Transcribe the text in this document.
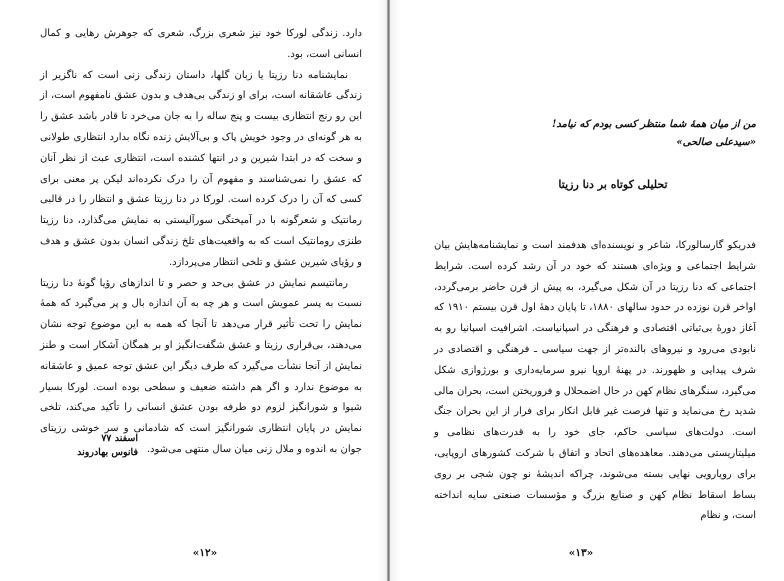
دارد. زندگی لورکا خود نیز شعری بزرگ، شعری که جوهرش رهایی و کمال انسانی است، بود.

نمایشنامه دنا رزیتا یا زبان گلها، داستان زندگی زنی است که ناگزیر از زندگی عاشقانه است، برای او زندگی بی‌هدف و بدون عشق نامفهوم است، از این رو رنج انتظاری بیست و پنج ساله را به جان می‌خرد تا قادر باشد عشق را به هر گونه‌ای در وجود خویش پاک و بی‌آلایش زنده نگاه بدارد انتظاری طولانی و سخت که در ابتدا شیرین و در انتها کشنده است، انتظاری عبث از نظر آنان که عشق را نمی‌شناسند و مفهوم آن را درک نکرده‌اند لیکن پر معنی برای کسی که آن را درک کرده است. لورکا در دنا رزیتا عشق و انتظار را در قالبی رمانتیک و شعرگونه با در آمیختگی سورآلیستی به نمایش می‌گذارد، دنا رزیتا طنزی رومانتیک است که به واقعیت‌های تلخ زندگی انسان بدون عشق و هدف و رؤیای شیرین عشق و تلخی انتظار می‌پردازد.

رمانتیسم نمایش در عشق بی‌حد و حصر و تا اندازهای رؤیا گونهٔ دنا رزیتا نسبت به پسر عمویش است و هر چه به آن اندازه بال و پر می‌گیرد که همهٔ نمایش را تحت تأثیر قرار می‌دهد تا آنجا که همه به این موضوع توجه نشان می‌دهند، بی‌قراری رزیتا و عشق شگفت‌انگیز او بر همگان آشکار است و طنز نمایش از آنجا نشأت می‌گیرد که طرف دیگر این عشق توجه عمیق و عاشقانه به موضوع ندارد و اگر هم داشته ضعیف و سطحی بوده است. لورکا بسیار شیوا و شورانگیز لزوم دو طرفه بودن عشق انسانی را تأکید می‌کند، تلخی نمایش در پایان انتظاری شورانگیز است که شادمانی و سر خوشی رزیتای جوان به اندوه و ملال زنی میان سال منتهی می‌شود.

اسفند ۷۷
فانوس بهادروند
«۱۲»
من از میان همهٔ شما منتظر کسی بودم که نیامد!
«سیدعلی صالحی»
تحلیلی کوتاه بر دنا رزیتا

فدریکو گارسالورکا، شاعر و نویسنده‌ای هدفمند است و نمایشنامه‌هایش بیان شرایط اجتماعی و ویژه‌ای هستند که خود در آن رشد کرده است. شرایط اجتماعی که دنا رزیتا در آن شکل می‌گیرد، به پیش از قرن حاضر برمی‌گردد، اواخر قرن نوزده در حدود سالهای ۱۸۸۰، تا پایان دههٔ اول قرن بیستم ۱۹۱۰ که آغاز دورهٔ بی‌ثباتی اقتصادی و فرهنگی در اسپانیاست. اشرافیت اسپانیا رو به نابودی می‌رود و نیروهای بالنده‌تر از جهت سیاسی ـ فرهنگی و اقتصادی در شرف پیدایی و ظهورند. در پهنهٔ اروپا نیرو سرمایه‌داری و بورژوازی شکل می‌گیرد، سنگرهای نظام کهن در حال اضمحلال و فروریختن است، بحران مالی شدید رخ می‌نماید و تنها فرصت غیر قابل انکار برای فرار از این بحران جنگ است. دولت‌های سیاسی حاکم، جای خود را به قدرت‌های نظامی و میلیتاریستی می‌دهند. معاهده‌های اتحاد و اتفاق با شرکت کشورهای اروپایی، برای رویارویی نهایی بسته می‌شوند، چراکه اندیشهٔ نو چون شجی بر روی بساط اسقاط نظام کهن و صنایع بزرگ و مؤسسات صنعتی سایه انداخته است، و نظام

«۱۳»
